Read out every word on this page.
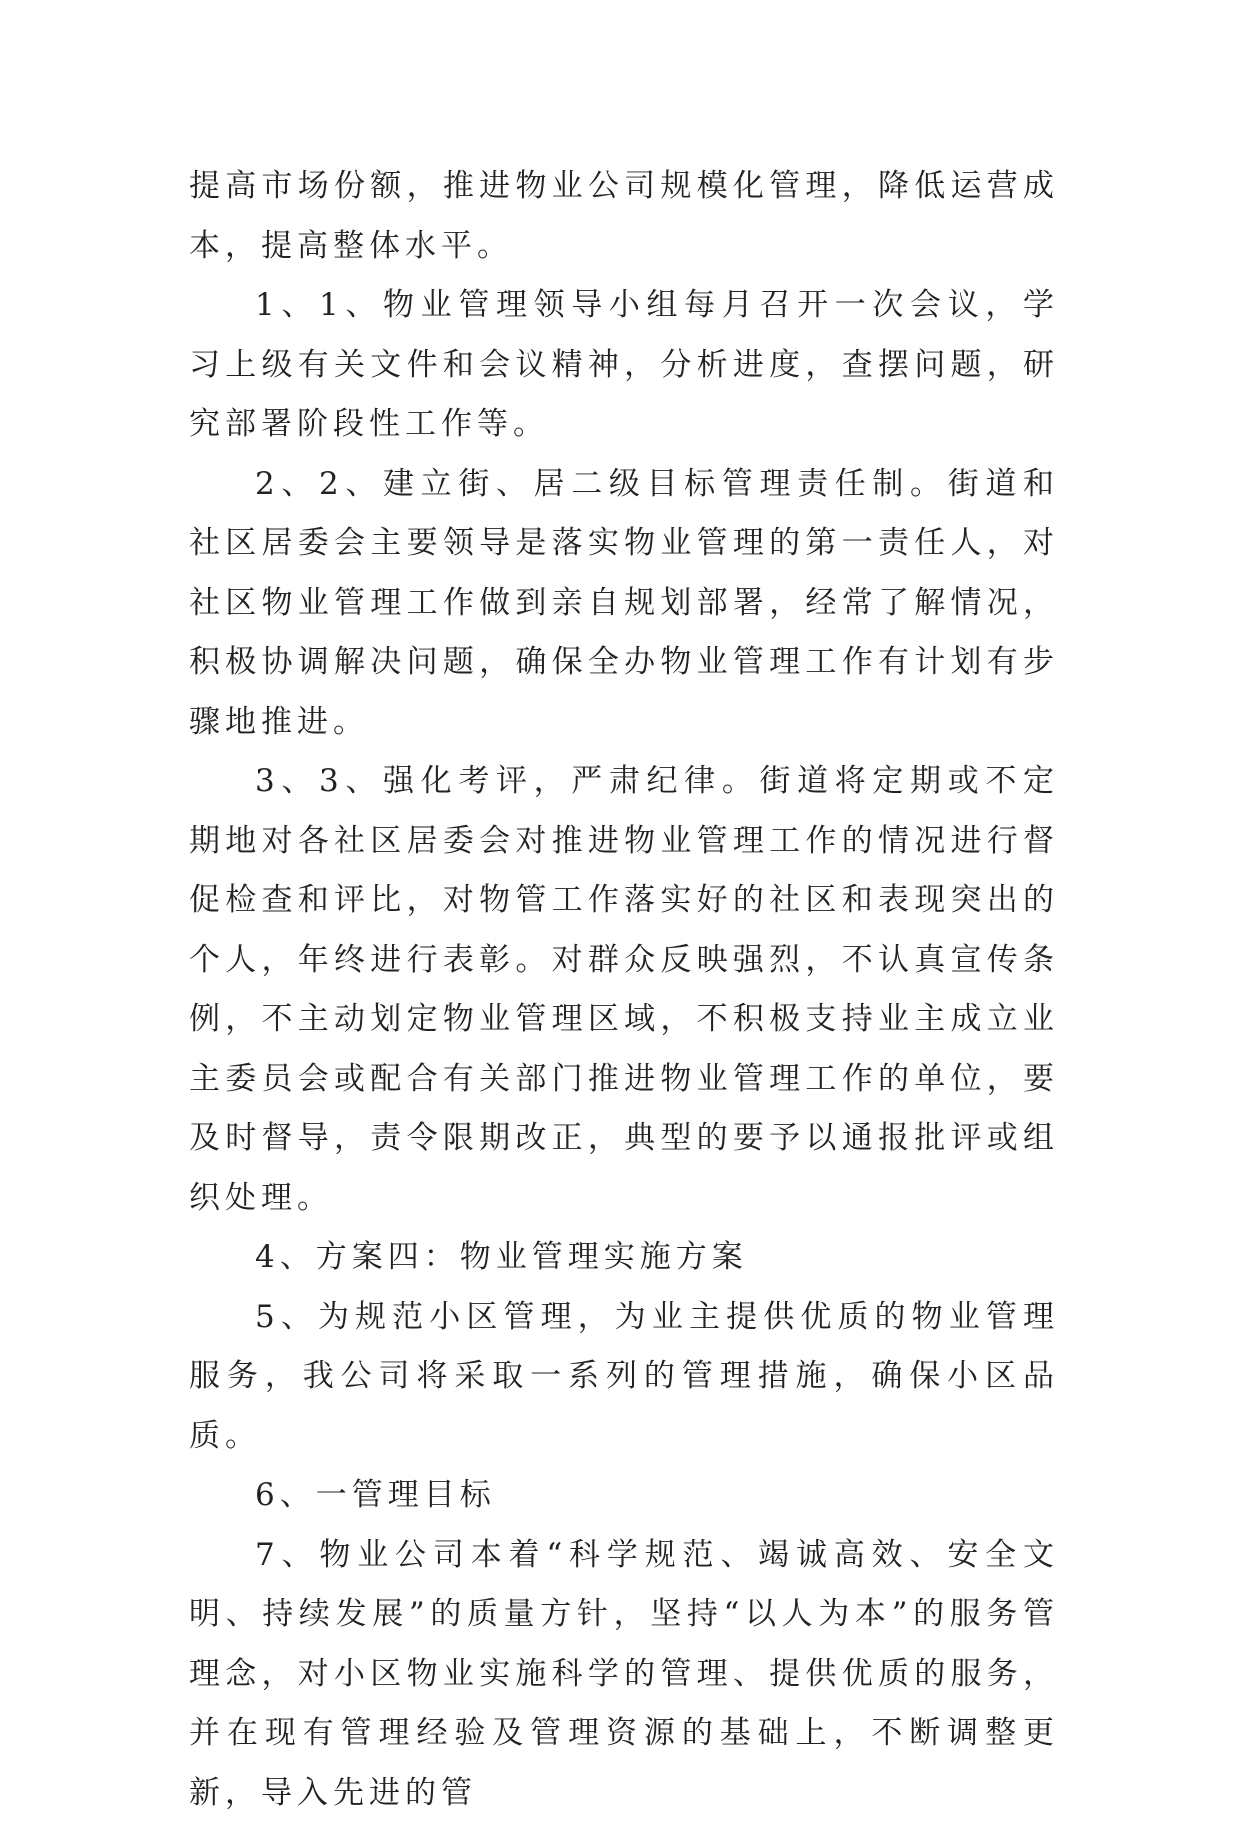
提高市场份额，推进物业公司规模化管理，降低运营成本，提高整体水平。

1、1、物业管理领导小组每月召开一次会议，学习上级有关文件和会议精神，分析进度，查摆问题，研究部署阶段性工作等。

2、2、建立街、居二级目标管理责任制。街道和社区居委会主要领导是落实物业管理的第一责任人，对社区物业管理工作做到亲自规划部署，经常了解情况，积极协调解决问题，确保全办物业管理工作有计划有步骤地推进。

3、3、强化考评，严肃纪律。街道将定期或不定期地对各社区居委会对推进物业管理工作的情况进行督促检查和评比，对物管工作落实好的社区和表现突出的个人，年终进行表彰。对群众反映强烈，不认真宣传条例，不主动划定物业管理区域，不积极支持业主成立业主委员会或配合有关部门推进物业管理工作的单位，要及时督导，责令限期改正，典型的要予以通报批评或组织处理。

4、方案四：物业管理实施方案

5、为规范小区管理，为业主提供优质的物业管理服务，我公司将采取一系列的管理措施，确保小区品质。

6、一管理目标

7、物业公司本着“科学规范、竭诚高效、安全文明、持续发展”的质量方针，坚持“以人为本”的服务管理念，对小区物业实施科学的管理、提供优质的服务，并在现有管理经验及管理资源的基础上，不断调整更新，导入先进的管
